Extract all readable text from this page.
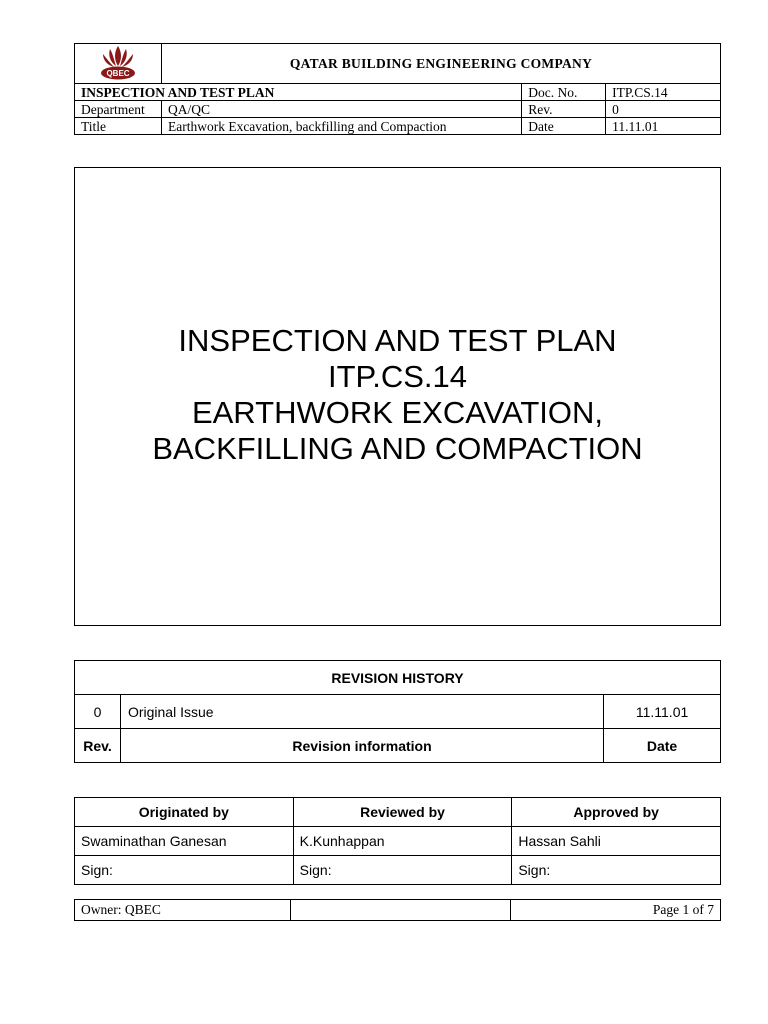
QBEC	QATAR BUILDING ENGINEERING COMPANY		
INSPECTION AND TEST PLAN		Doc. No.	ITP.CS.14
Department	QA/QC	Rev.	0
Title	Earthwork Excavation, backfilling and Compaction	Date	11.11.01
INSPECTION AND TEST PLAN
ITP.CS.14
EARTHWORK EXCAVATION,
BACKFILLING AND COMPACTION
REVISION HISTORY		
0	Original Issue	11.11.01
Rev.	Revision information	Date
Originated by	Reviewed by	Approved by
Swaminathan Ganesan	K.Kunhappan	Hassan Sahli
Sign:	Sign:	Sign:
Owner: QBEC		Page 1 of 7
